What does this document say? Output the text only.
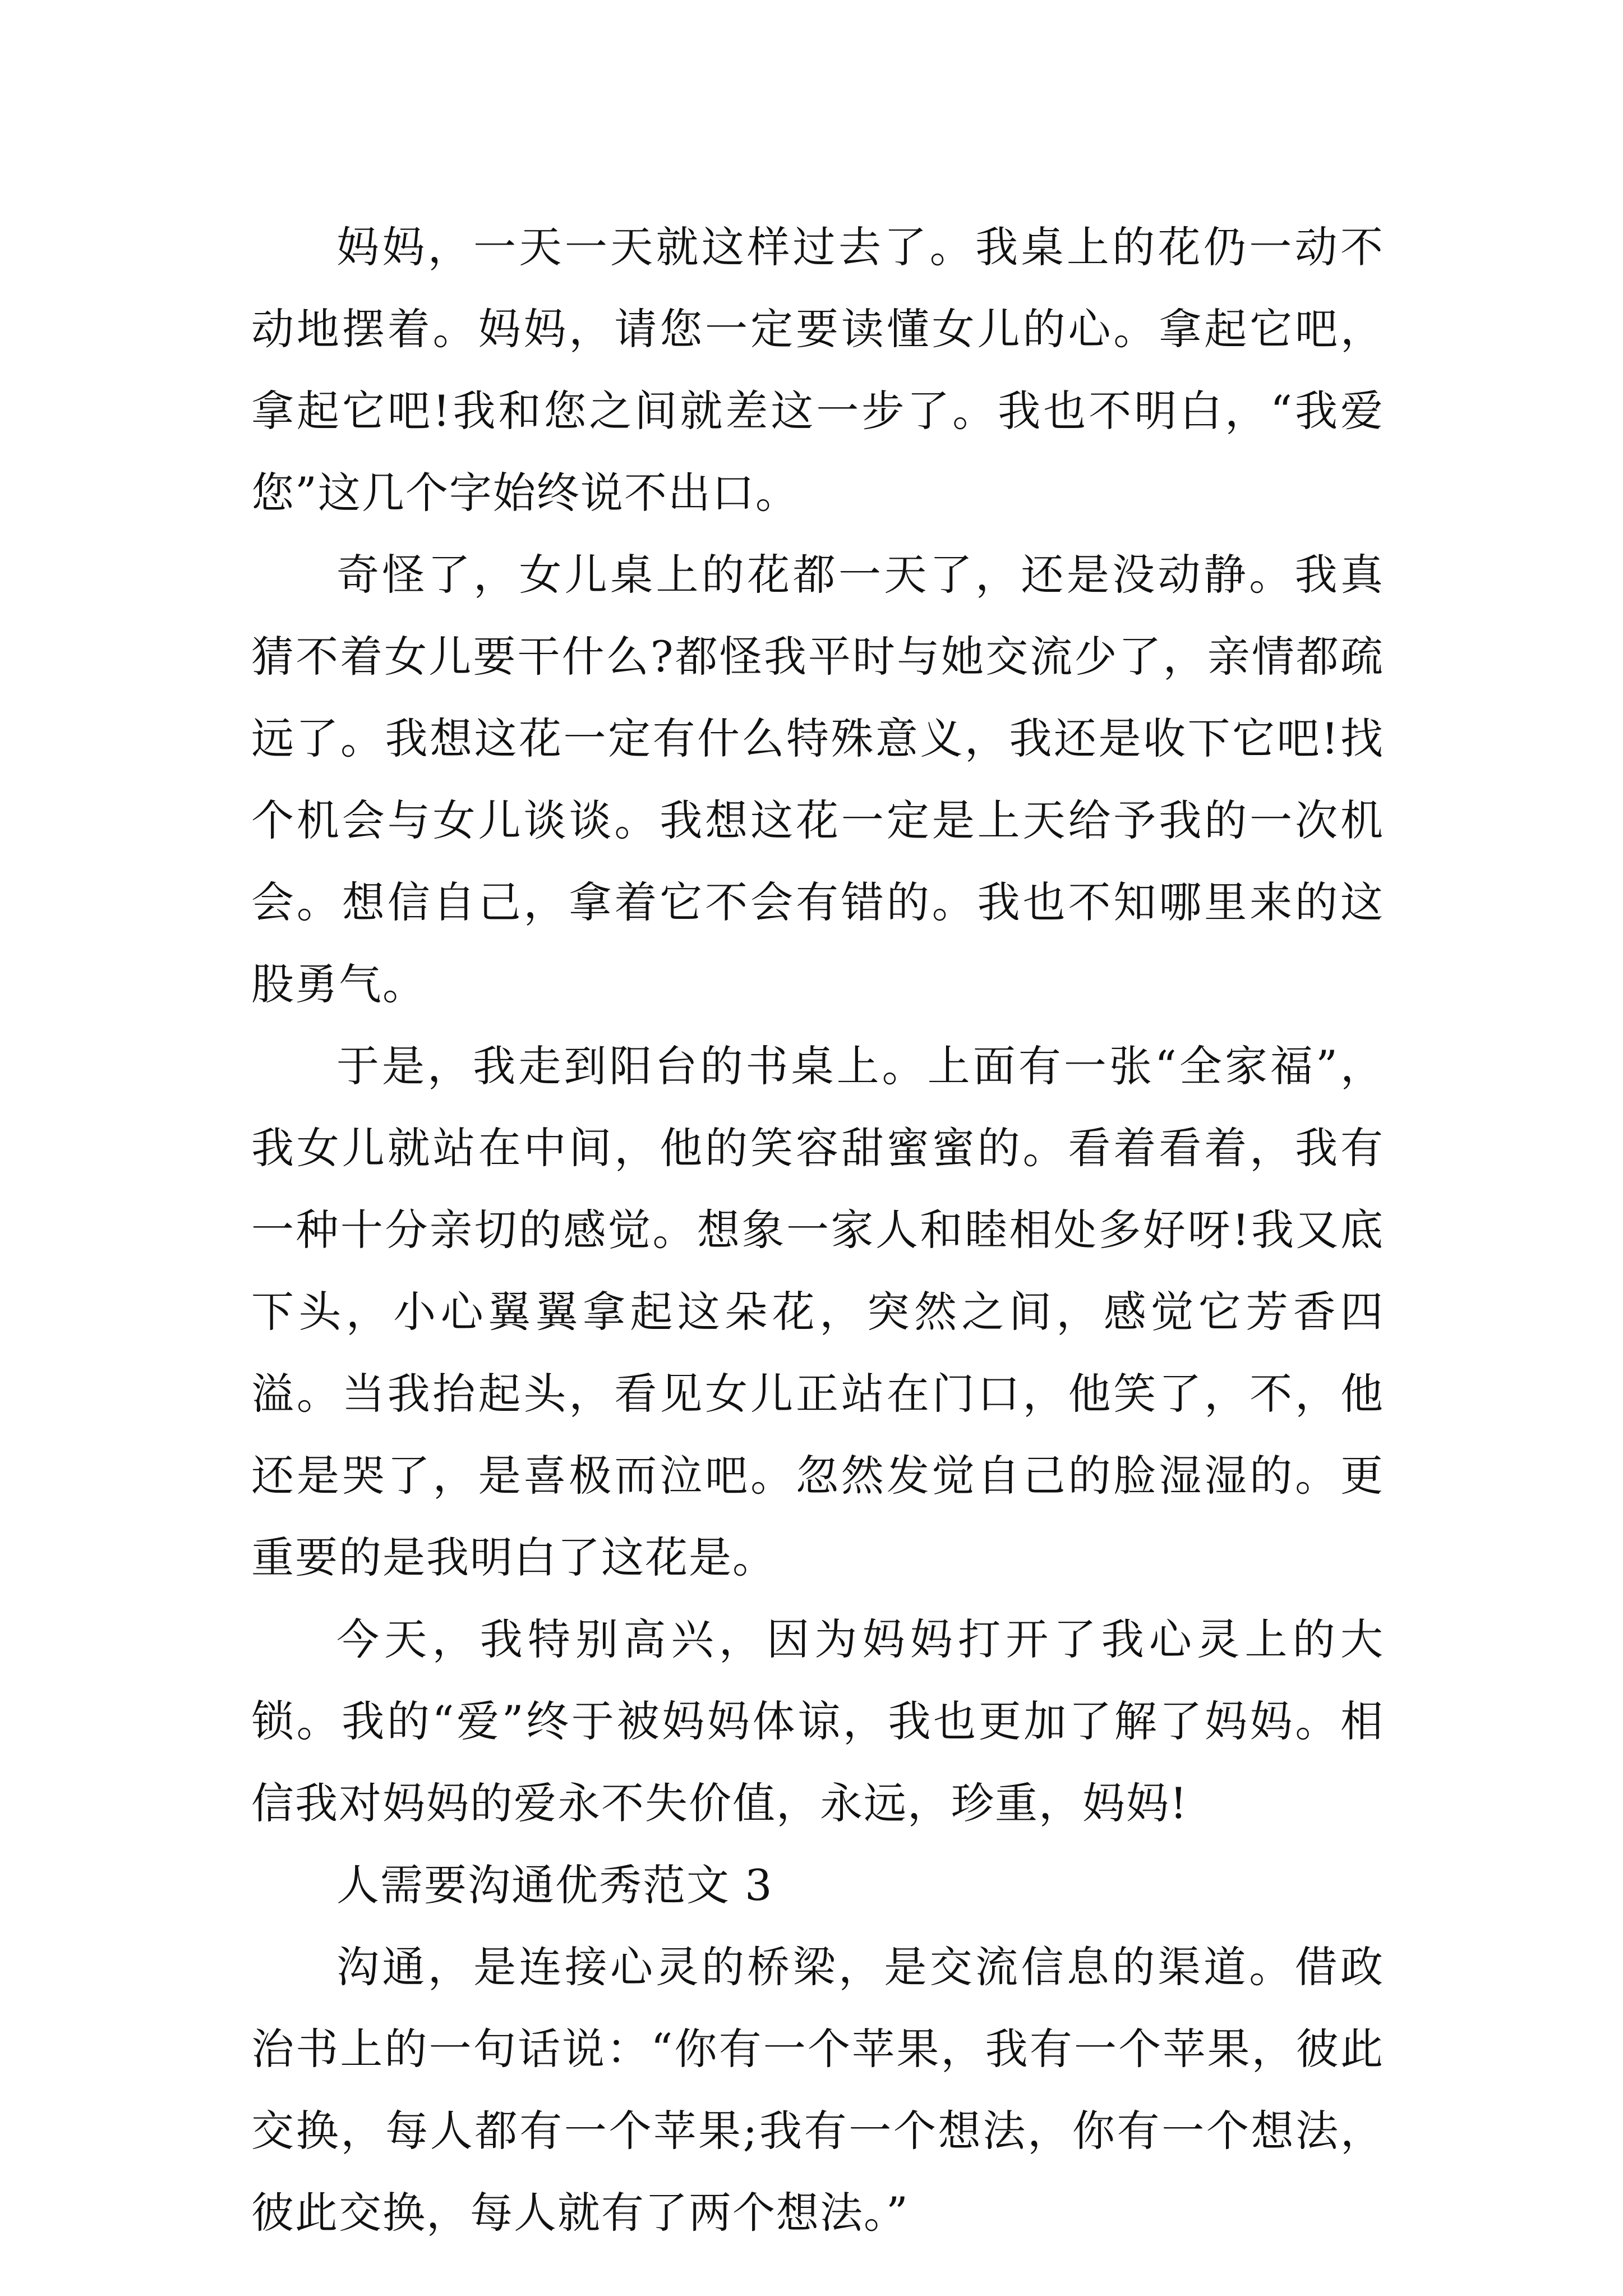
妈妈，一天一天就这样过去了。我桌上的花仍一动不动地摆着。妈妈，请您一定要读懂女儿的心。拿起它吧，拿起它吧!我和您之间就差这一步了。我也不明白，“我爱您”这几个字始终说不出口。

奇怪了，女儿桌上的花都一天了，还是没动静。我真猜不着女儿要干什么?都怪我平时与她交流少了，亲情都疏远了。我想这花一定有什么特殊意义，我还是收下它吧!找个机会与女儿谈谈。我想这花一定是上天给予我的一次机会。想信自己，拿着它不会有错的。我也不知哪里来的这股勇气。

于是，我走到阳台的书桌上。上面有一张“全家福”，我女儿就站在中间，他的笑容甜蜜蜜的。看着看着，我有一种十分亲切的感觉。想象一家人和睦相处多好呀!我又底下头，小心翼翼拿起这朵花，突然之间，感觉它芳香四溢。当我抬起头，看见女儿正站在门口，他笑了，不，他还是哭了，是喜极而泣吧。忽然发觉自己的脸湿湿的。更重要的是我明白了这花是。

今天，我特别高兴，因为妈妈打开了我心灵上的大锁。我的“爱”终于被妈妈体谅，我也更加了解了妈妈。相信我对妈妈的爱永不失价值，永远，珍重，妈妈!

人需要沟通优秀范文 3

沟通，是连接心灵的桥梁，是交流信息的渠道。借政治书上的一句话说：“你有一个苹果，我有一个苹果，彼此交换，每人都有一个苹果;我有一个想法，你有一个想法，彼此交换，每人就有了两个想法。”
